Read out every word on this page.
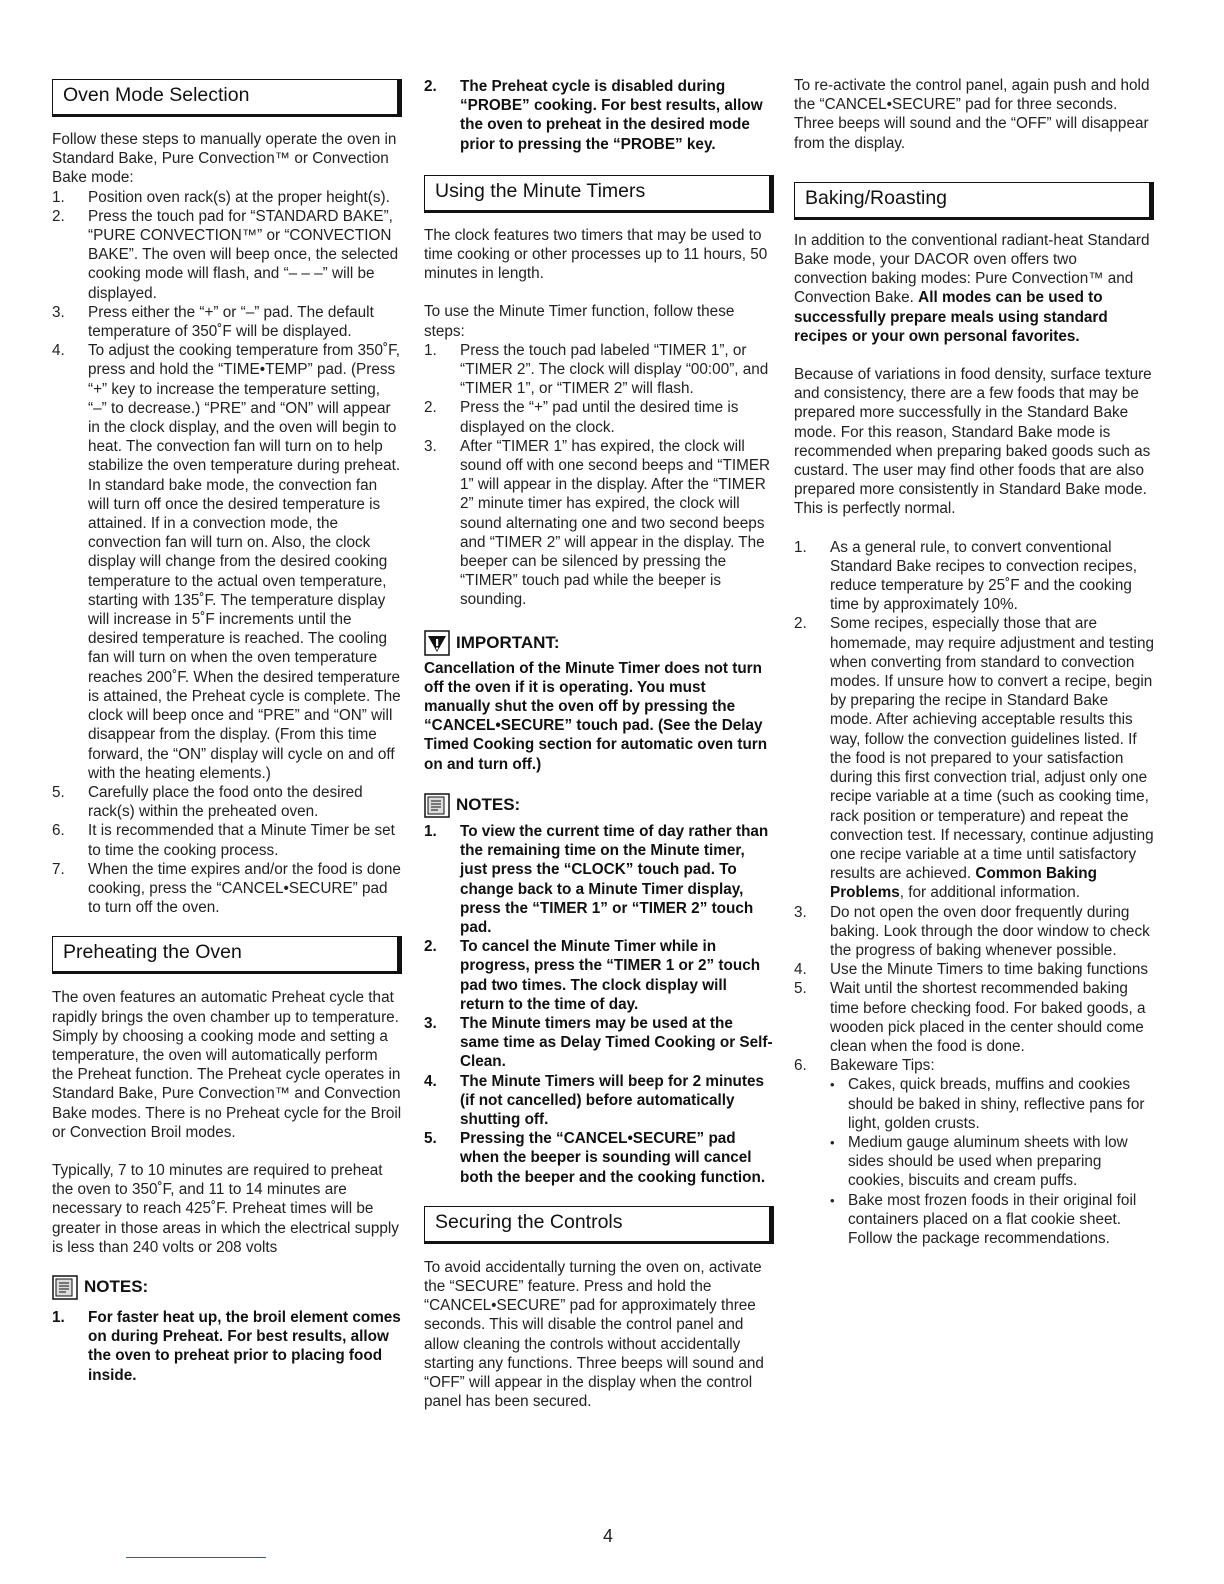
Oven Mode Selection

Follow these steps to manually operate the oven in Standard Bake, Pure Convection™ or Convection Bake mode:

1. Position oven rack(s) at the proper height(s).
2. Press the touch pad for “STANDARD BAKE”, “PURE CONVECTION™” or “CONVECTION BAKE”. The oven will beep once, the selected cooking mode will flash, and “– – –” will be displayed.
3. Press either the “+” or “–” pad. The default temperature of 350˚F will be displayed.
4. To adjust the cooking temperature from 350˚F, press and hold the “TIME•TEMP” pad. (Press “+” key to increase the temperature setting, “–” to decrease.) “PRE” and “ON” will appear in the clock display, and the oven will begin to heat. The convection fan will turn on to help stabilize the oven temperature during preheat. In standard bake mode, the convection fan will turn off once the desired temperature is attained. If in a convection mode, the convection fan will turn on. Also, the clock display will change from the desired cooking temperature to the actual oven temperature, starting with 135˚F. The temperature display will increase in 5˚F increments until the desired temperature is reached. The cooling fan will turn on when the oven temperature reaches 200˚F. When the desired temperature is attained, the Preheat cycle is complete. The clock will beep once and “PRE” and “ON” will disappear from the display. (From this time forward, the “ON” display will cycle on and off with the heating elements.)
5. Carefully place the food onto the desired rack(s) within the preheated oven.
6. It is recommended that a Minute Timer be set to time the cooking process.
7. When the time expires and/or the food is done cooking, press the “CANCEL•SECURE” pad to turn off the oven.
Preheating the Oven

The oven features an automatic Preheat cycle that rapidly brings the oven chamber up to temperature. Simply by choosing a cooking mode and setting a temperature, the oven will automatically perform the Preheat function. The Preheat cycle operates in Standard Bake, Pure Convection™ and Convection Bake modes. There is no Preheat cycle for the Broil or Convection Broil modes.

Typically, 7 to 10 minutes are required to preheat the oven to 350˚F, and 11 to 14 minutes are necessary to reach 425˚F. Preheat times will be greater in those areas in which the electrical supply is less than 240 volts or 208 volts

NOTES:
1. For faster heat up, the broil element comes on during Preheat. For best results, allow the oven to preheat prior to placing food inside.
2. The Preheat cycle is disabled during “PROBE” cooking. For best results, allow the oven to preheat in the desired mode prior to pressing the “PROBE” key.
Using the Minute Timers

The clock features two timers that may be used to time cooking or other processes up to 11 hours, 50 minutes in length.

To use the Minute Timer function, follow these steps:

1. Press the touch pad labeled “TIMER 1”, or “TIMER 2”. The clock will display “00:00”, and “TIMER 1”, or “TIMER 2” will flash.
2. Press the “+” pad until the desired time is displayed on the clock.
3. After “TIMER 1” has expired, the clock will sound off with one second beeps and “TIMER 1” will appear in the display. After the “TIMER 2” minute timer has expired, the clock will sound alternating one and two second beeps and “TIMER 2” will appear in the display. The beeper can be silenced by pressing the “TIMER” touch pad while the beeper is sounding.
IMPORTANT:

Cancellation of the Minute Timer does not turn off the oven if it is operating. You must manually shut the oven off by pressing the “CANCEL•SECURE” touch pad. (See the Delay Timed Cooking section for automatic oven turn on and turn off.)

NOTES:
1. To view the current time of day rather than the remaining time on the Minute timer, just press the “CLOCK” touch pad. To change back to a Minute Timer display, press the “TIMER 1” or “TIMER 2” touch pad.
2. To cancel the Minute Timer while in progress, press the “TIMER 1 or 2” touch pad two times. The clock display will return to the time of day.
3. The Minute timers may be used at the same time as Delay Timed Cooking or Self-Clean.
4. The Minute Timers will beep for 2 minutes (if not cancelled) before automatically shutting off.
5. Pressing the “CANCEL•SECURE” pad when the beeper is sounding will cancel both the beeper and the cooking function.
Securing the Controls

To avoid accidentally turning the oven on, activate the “SECURE” feature. Press and hold the “CANCEL•SECURE” pad for approximately three seconds. This will disable the control panel and allow cleaning the controls without accidentally starting any functions. Three beeps will sound and “OFF” will appear in the display when the control panel has been secured.

To re-activate the control panel, again push and hold the “CANCEL•SECURE” pad for three seconds. Three beeps will sound and the “OFF” will disappear from the display.

Baking/Roasting

In addition to the conventional radiant-heat Standard Bake mode, your DACOR oven offers two convection baking modes: Pure Convection™ and Convection Bake. All modes can be used to successfully prepare meals using standard recipes or your own personal favorites.

Because of variations in food density, surface texture and consistency, there are a few foods that may be prepared more successfully in the Standard Bake mode. For this reason, Standard Bake mode is recommended when preparing baked goods such as custard. The user may find other foods that are also prepared more consistently in Standard Bake mode. This is perfectly normal.

1. As a general rule, to convert conventional Standard Bake recipes to convection recipes, reduce temperature by 25˚F and the cooking time by approximately 10%.
2. Some recipes, especially those that are homemade, may require adjustment and testing when converting from standard to convection modes. If unsure how to convert a recipe, begin by preparing the recipe in Standard Bake mode. After achieving acceptable results this way, follow the convection guidelines listed. If the food is not prepared to your satisfaction during this first convection trial, adjust only one recipe variable at a time (such as cooking time, rack position or temperature) and repeat the convection test. If necessary, continue adjusting one recipe variable at a time until satisfactory results are achieved. Common Baking Problems, for additional information.
3. Do not open the oven door frequently during baking. Look through the door window to check the progress of baking whenever possible.
4. Use the Minute Timers to time baking functions
5. Wait until the shortest recommended baking time before checking food. For baked goods, a wooden pick placed in the center should come clean when the food is done.
6. Bakeware Tips:
• Cakes, quick breads, muffins and cookies should be baked in shiny, reflective pans for light, golden crusts.
• Medium gauge aluminum sheets with low sides should be used when preparing cookies, biscuits and cream puffs.
• Bake most frozen foods in their original foil containers placed on a flat cookie sheet. Follow the package recommendations.
4
